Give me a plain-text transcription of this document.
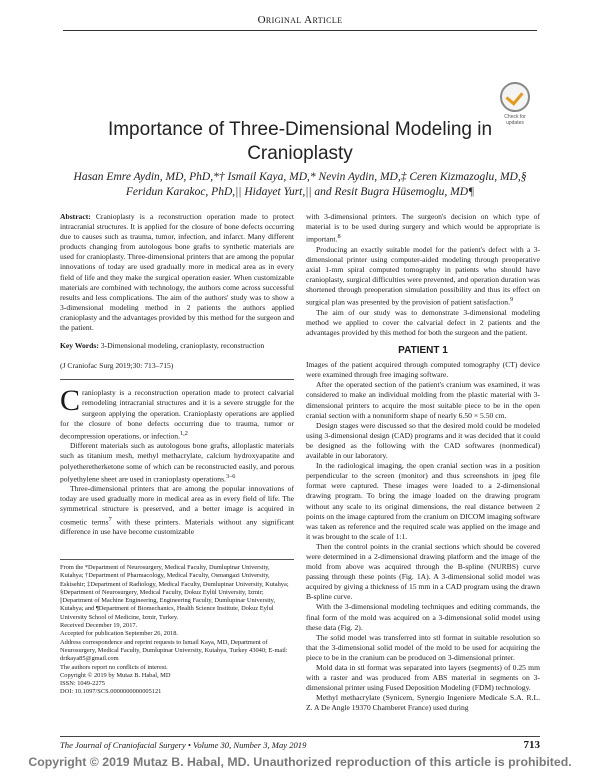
Original Article
Check for updates
Importance of Three-Dimensional Modeling in Cranioplasty
Hasan Emre Aydin, MD, PhD,*† Ismail Kaya, MD,* Nevin Aydin, MD,‡ Ceren Kizmazoglu, MD,§ Feridun Karakoc, PhD,|| Hidayet Yurt,|| and Resit Bugra Hüsemoglu, MD¶
Abstract: Cranioplasty is a reconstruction operation made to protect intracranial structures. It is applied for the closure of bone defects occurring due to causes such as trauma, tumor, infection, and infarct. Many different products changing from autologous bone grafts to synthetic materials are used for cranioplasty. Three-dimensional printers that are among the popular innovations of today are used gradually more in medical area as in every field of life and they make the surgical operation easier. When customizable materials are combined with technology, the authors come across successful results and less complications. The aim of the authors' study was to show a 3-dimensional modeling method in 2 patients the authors applied cranioplasty and the advantages provided by this method for the surgeon and the patient.
Key Words: 3-Dimensional modeling, cranioplasty, reconstruction
(J Craniofac Surg 2019;30: 713–715)

Cranioplasty is a reconstruction operation made to protect calvarial remodeling intracranial structures and it is a severe struggle for the surgeon applying the operation. Cranioplasty operations are applied for the closure of bone defects occurring due to trauma, tumor or decompression operations, or infection.$^{1,2}$

Different materials such as autologous bone grafts, alloplastic materials such as titanium mesh, methyl methacrylate, calcium hydroxyapatite and polyetheretherketone some of which can be reconstructed easily, and porous polyethylene sheet are used in cranioplasty operations.$^{3-6}$

Three-dimensional printers that are among the popular innovations of today are used gradually more in medical area as in every field of life. The symmetrical structure is preserved, and a better image is acquired in cosmetic terms$^7$ with these printers. Materials without any significant difference in use have become customizable

From the *Department of Neurosurgery, Medical Faculty, Dumlupinar University, Kutahya; †Department of Pharmacology, Medical Faculty, Osmangazi University, Eskisehir; ‡Department of Radiology, Medical Faculty, Dumlupinar University, Kutahya; §Department of Neurosurgery, Medical Faculty, Dokuz Eylül University, Izmir; ||Department of Machine Engineering, Engineering Faculty, Dumlupinar University, Kutahya; and ¶Department of Biomechanics, Health Science Institute, Dokuz Eylul University School of Medicine, Izmir, Turkey.
Received December 19, 2017.
Accepted for publication September 26, 2018.
Address correspondence and reprint requests to Ismail Kaya, MD, Department of Neurosurgery, Medical Faculty, Dumlupinar University, Kutahya, Turkey 43040; E-mail: drikaya85@gmail.com
The authors report no conflicts of interest.
Copyright © 2019 by Mutaz B. Habal, MD
ISSN: 1049-2275
DOI: 10.1097/SCS.0000000000005121

with 3-dimensional printers. The surgeon's decision on which type of material is to be used during surgery and which would be appropriate is important.$^8$

Producing an exactly suitable model for the patient's defect with a 3-dimensional printer using computer-aided modeling through preoperative axial 1-mm spiral computed tomography in patients who should have cranioplasty, surgical difficulties were prevented, and operation duration was shortened through preoperation simulation possibility and thus its effect on surgical plan was presented by the provision of patient satisfaction.$^9$

The aim of our study was to demonstrate 3-dimensional modeling method we applied to cover the calvarial defect in 2 patients and the advantages provided by this method for both the surgeon and the patient.

PATIENT 1

Images of the patient acquired through computed tomography (CT) device were examined through free imaging software.

After the operated section of the patient's cranium was examined, it was considered to make an individual molding from the plastic material with 3-dimensional printers to acquire the most suitable piece to be in the open cranial section with a nonuniform shape of nearly 6.50 × 5.50 cm.

Design stages were discussed so that the desired mold could be modeled using 3-dimensional design (CAD) programs and it was decided that it could be designed as the following with the CAD softwares (nonmedical) available in our laboratory.

In the radiological imaging, the open cranial section was in a position perpendicular to the screen (monitor) and thus screenshots in jpeg file format were captured. These images were loaded to a 2-dimensional drawing program. To bring the image loaded on the drawing program without any scale to its original dimensions, the real distance between 2 points on the image captured from the cranium on DICOM imaging software was taken as reference and the required scale was applied on the image and it was brought to the scale of 1:1.

Then the control points in the cranial sections which should be covered were determined in a 2-dimensional drawing platform and the image of the mold from above was acquired through the B-spline (NURBS) curve passing through these points (Fig. 1A). A 3-dimensional solid model was acquired by giving a thickness of 15 mm in a CAD program using the drawn B-spline curve.

With the 3-dimensional modeling techniques and editing commands, the final form of the mold was acquired on a 3-dimensional solid model using these data (Fig. 2).

The solid model was transferred into stl format in suitable resolution so that the 3-dimensional solid model of the mold to be used for acquiring the piece to be in the cranium can be produced on 3-dimensional printer.

Mold data in stl format was separated into layers (segments) of 0.25 mm with a raster and was produced from ABS material in segments on 3-dimensional printer using Fused Deposition Modeling (FDM) technology.

Methyl methacrylate (Synicem, Synergio Ingeniere Medicale S.A. R.L. Z. A De Angle 19370 Chamberet France) used during

The Journal of Craniofacial Surgery • Volume 30, Number 3, May 2019	713
Copyright © 2019 Mutaz B. Habal, MD. Unauthorized reproduction of this article is prohibited.
